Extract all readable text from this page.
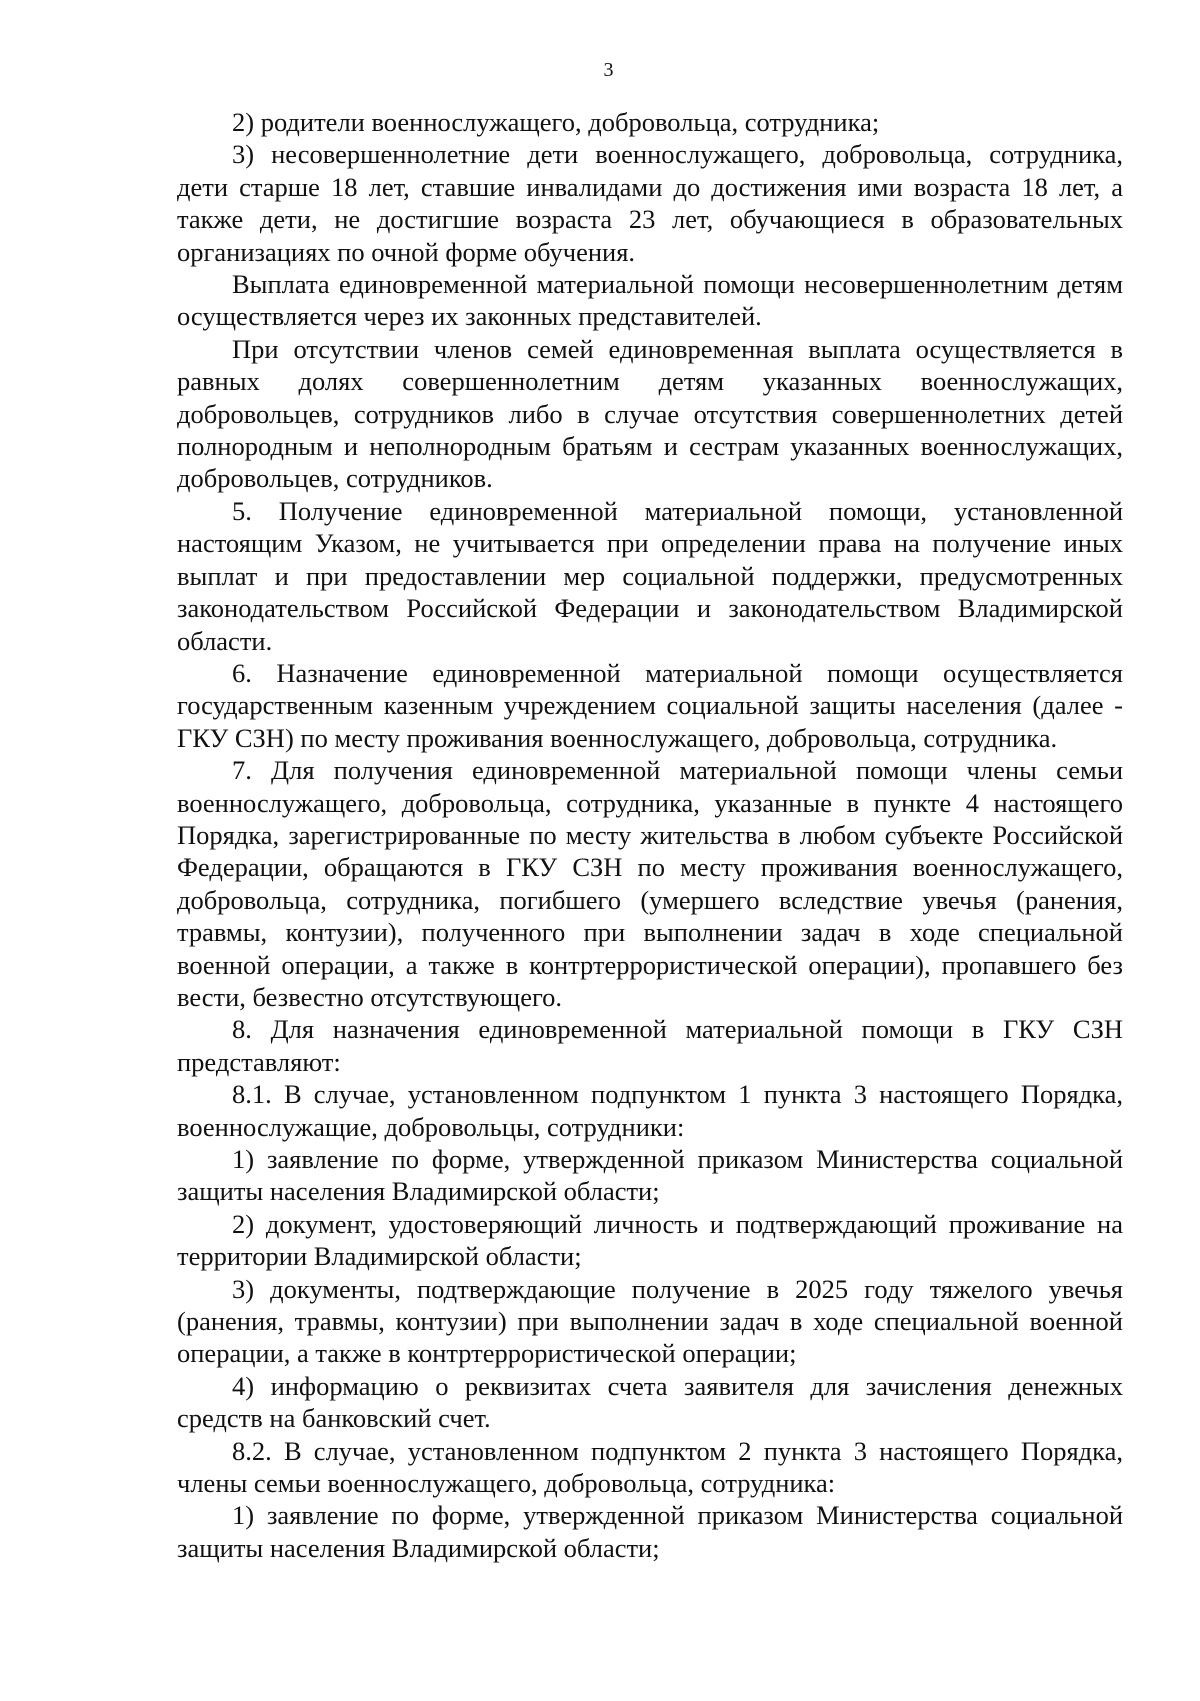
3

2) родители военнослужащего, добровольца, сотрудника;

3) несовершеннолетние дети военнослужащего, добровольца, сотрудника, дети старше 18 лет, ставшие инвалидами до достижения ими возраста 18 лет, а также дети, не достигшие возраста 23 лет, обучающиеся в образовательных организациях по очной форме обучения.

Выплата единовременной материальной помощи несовершеннолетним детям осуществляется через их законных представителей.

При отсутствии членов семей единовременная выплата осуществляется в равных долях совершеннолетним детям указанных военнослужащих, добровольцев, сотрудников либо в случае отсутствия совершеннолетних детей полнородным и неполнородным братьям и сестрам указанных военнослужащих, добровольцев, сотрудников.

5. Получение единовременной материальной помощи, установленной настоящим Указом, не учитывается при определении права на получение иных выплат и при предоставлении мер социальной поддержки, предусмотренных законодательством Российской Федерации и законодательством Владимирской области.

6. Назначение единовременной материальной помощи осуществляется государственным казенным учреждением социальной защиты населения (далее - ГКУ СЗН) по месту проживания военнослужащего, добровольца, сотрудника.

7. Для получения единовременной материальной помощи члены семьи военнослужащего, добровольца, сотрудника, указанные в пункте 4 настоящего Порядка, зарегистрированные по месту жительства в любом субъекте Российской Федерации, обращаются в ГКУ СЗН по месту проживания военнослужащего, добровольца, сотрудника, погибшего (умершего вследствие увечья (ранения, травмы, контузии), полученного при выполнении задач в ходе специальной военной операции, а также в контртеррористической операции), пропавшего без вести, безвестно отсутствующего.

8. Для назначения единовременной материальной помощи в ГКУ СЗН представляют:

8.1. В случае, установленном подпунктом 1 пункта 3 настоящего Порядка, военнослужащие, добровольцы, сотрудники:

1) заявление по форме, утвержденной приказом Министерства социальной защиты населения Владимирской области;

2) документ, удостоверяющий личность и подтверждающий проживание на территории Владимирской области;

3) документы, подтверждающие получение в 2025 году тяжелого увечья (ранения, травмы, контузии) при выполнении задач в ходе специальной военной операции, а также в контртеррористической операции;

4) информацию о реквизитах счета заявителя для зачисления денежных средств на банковский счет.

8.2. В случае, установленном подпунктом 2 пункта 3 настоящего Порядка, члены семьи военнослужащего, добровольца, сотрудника:

1) заявление по форме, утвержденной приказом Министерства социальной защиты населения Владимирской области;
